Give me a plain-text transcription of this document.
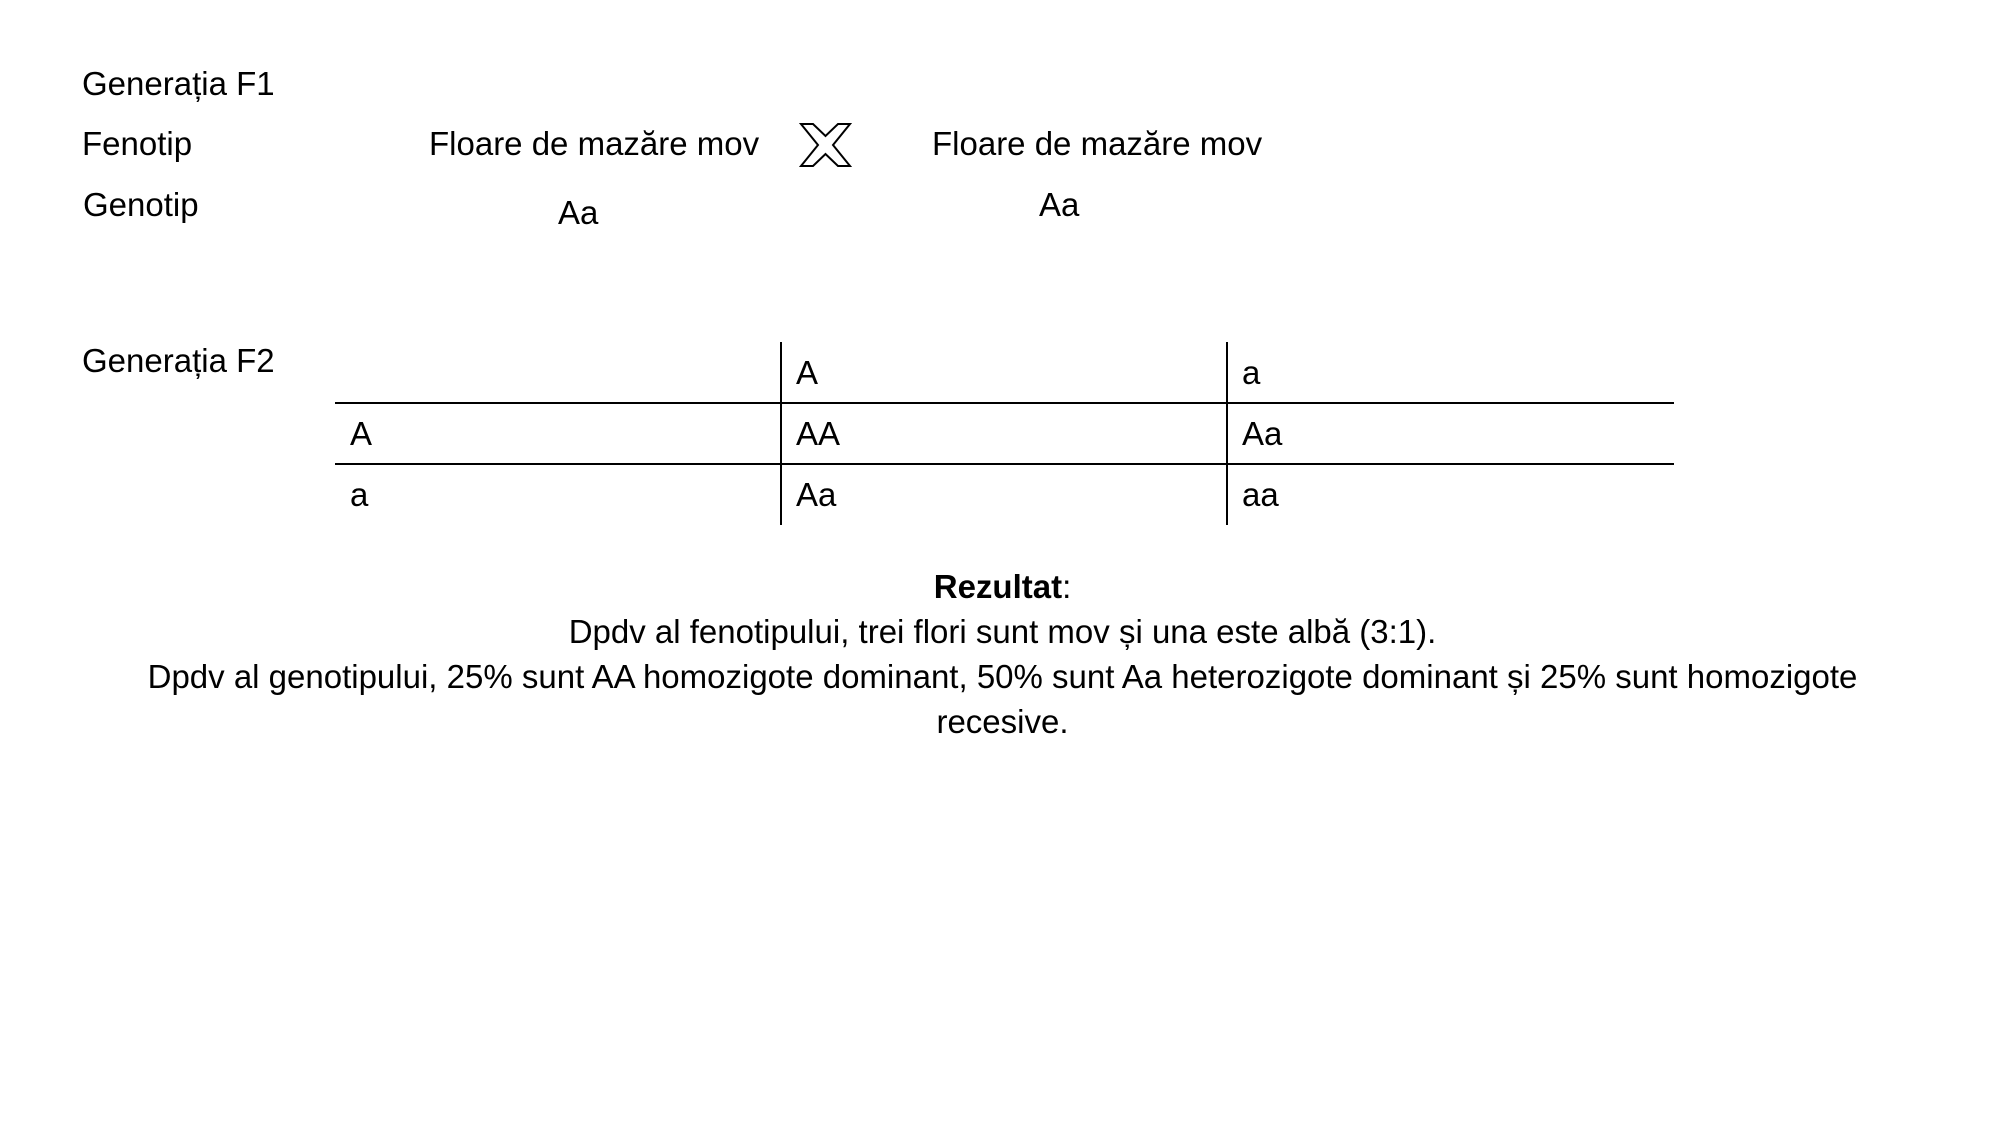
Generația F1
Fenotip
Genotip
Floare de mazăre mov	Floare de mazăre mov
Aa	Aa
Generația F2	A	a
A	AA	Aa
a	Aa	aa
Rezultat:
Dpdv al fenotipului, trei flori sunt mov și una este albă (3:1).
Dpdv al genotipului, 25% sunt AA homozigote dominant, 50% sunt Aa heterozigote dominant și 25% sunt homozigote
recesive.
